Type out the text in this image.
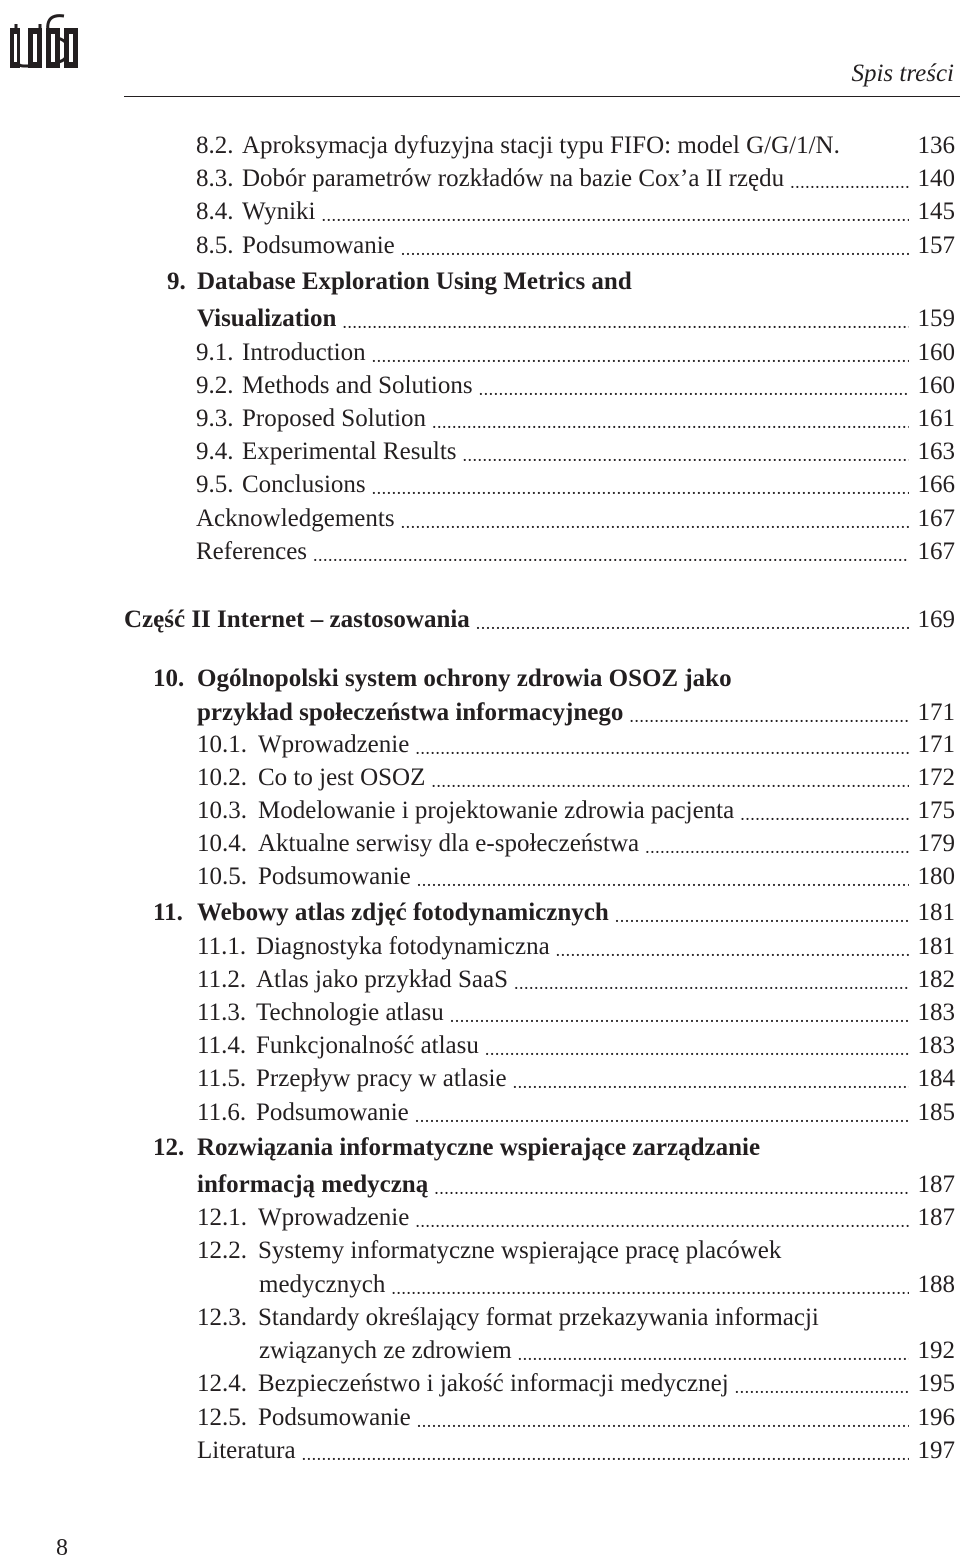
Spis treści
8.2. Aproksymacja dyfuzyjna stacji typu FIFO: model G/G/1/N.	136
8.3. Dobór parametrów rozkładów na bazie Cox’a II rzędu .....	140
8.4. Wyniki .....	145
8.5. Podsumowanie .....	157
9. Database Exploration Using Metrics and
Visualization .....	159
9.1. Introduction .....	160
9.2. Methods and Solutions .....	160
9.3. Proposed Solution .....	161
9.4. Experimental Results .....	163
9.5. Conclusions .....	166
Acknowledgements .....	167
References .....	167
Część II Internet – zastosowania .....	169
10. Ogólnopolski system ochrony zdrowia OSOZ jako
przykład społeczeństwa informacyjnego .....	171
10.1. Wprowadzenie .....	171
10.2. Co to jest OSOZ .....	172
10.3. Modelowanie i projektowanie zdrowia pacjenta .....	175
10.4. Aktualne serwisy dla e-społeczeństwa .....	179
10.5. Podsumowanie .....	180
11. Webowy atlas zdjęć fotodynamicznych .....	181
11.1. Diagnostyka fotodynamiczna .....	181
11.2. Atlas jako przykład SaaS .....	182
11.3. Technologie atlasu .....	183
11.4. Funkcjonalność atlasu .....	183
11.5. Przepływ pracy w atlasie .....	184
11.6. Podsumowanie .....	185
12. Rozwiązania informatyczne wspierające zarządzanie
informacją medyczną .....	187
12.1. Wprowadzenie .....	187
12.2. Systemy informatyczne wspierające pracę placówek
medycznych .....	188
12.3. Standardy określający format przekazywania informacji
związanych ze zdrowiem .....	192
12.4. Bezpieczeństwo i jakość informacji medycznej .....	195
12.5. Podsumowanie .....	196
Literatura .....	197
8
